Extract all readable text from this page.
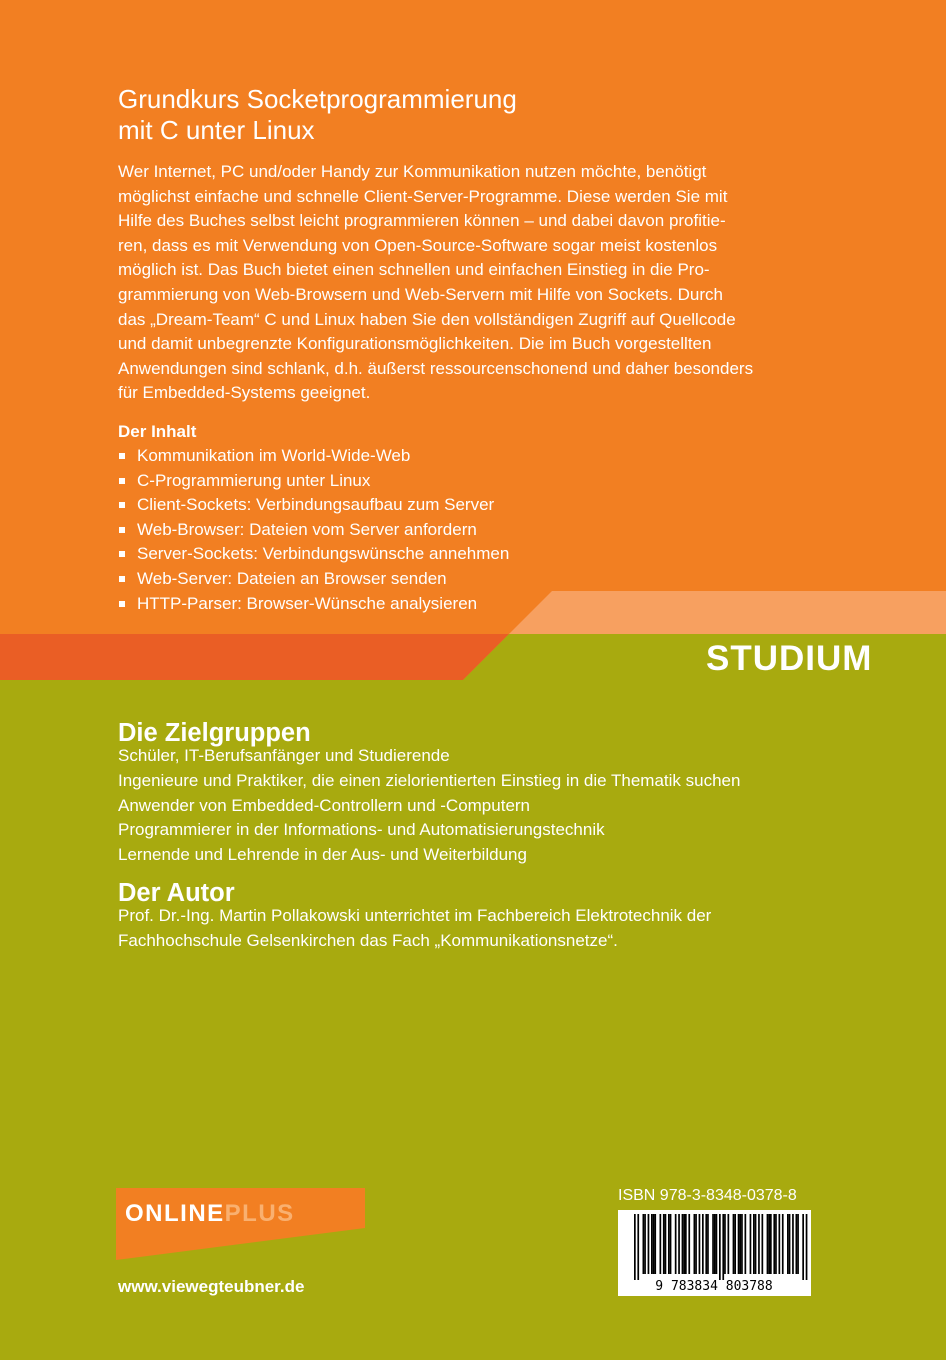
Grundkurs Socketprogrammierung
mit C unter Linux

Wer Internet, PC und/oder Handy zur Kommunikation nutzen möchte, benötigt
möglichst einfache und schnelle Client-Server-Programme. Diese werden Sie mit
Hilfe des Buches selbst leicht programmieren können – und dabei davon profitie-
ren, dass es mit Verwendung von Open-Source-Software sogar meist kostenlos
möglich ist. Das Buch bietet einen schnellen und einfachen Einstieg in die Pro-
grammierung von Web-Browsern und Web-Servern mit Hilfe von Sockets. Durch
das „Dream-Team“ C und Linux haben Sie den vollständigen Zugriff auf Quellcode
und damit unbegrenzte Konfigurationsmöglichkeiten. Die im Buch vorgestellten
Anwendungen sind schlank, d.h. äußerst ressourcenschonend und daher besonders
für Embedded-Systems geeignet.

Der Inhalt
Kommunikation im World-Wide-Web
C-Programmierung unter Linux
Client-Sockets: Verbindungsaufbau zum Server
Web-Browser: Dateien vom Server anfordern
Server-Sockets: Verbindungswünsche annehmen
Web-Server: Dateien an Browser senden
HTTP-Parser: Browser-Wünsche analysieren
STUDIUM
Die Zielgruppen
Schüler, IT-Berufsanfänger und Studierende
Ingenieure und Praktiker, die einen zielorientierten Einstieg in die Thematik suchen
Anwender von Embedded-Controllern und -Computern
Programmierer in der Informations- und Automatisierungstechnik
Lernende und Lehrende in der Aus- und Weiterbildung
Der Autor

Prof. Dr.-Ing. Martin Pollakowski unterrichtet im Fachbereich Elektrotechnik der

Fachhochschule Gelsenkirchen das Fach „Kommunikationsnetze“.

ONLINEPLUS
www.viewegteubner.de
ISBN 978-3-8348-0378-8
9 783834 803788
